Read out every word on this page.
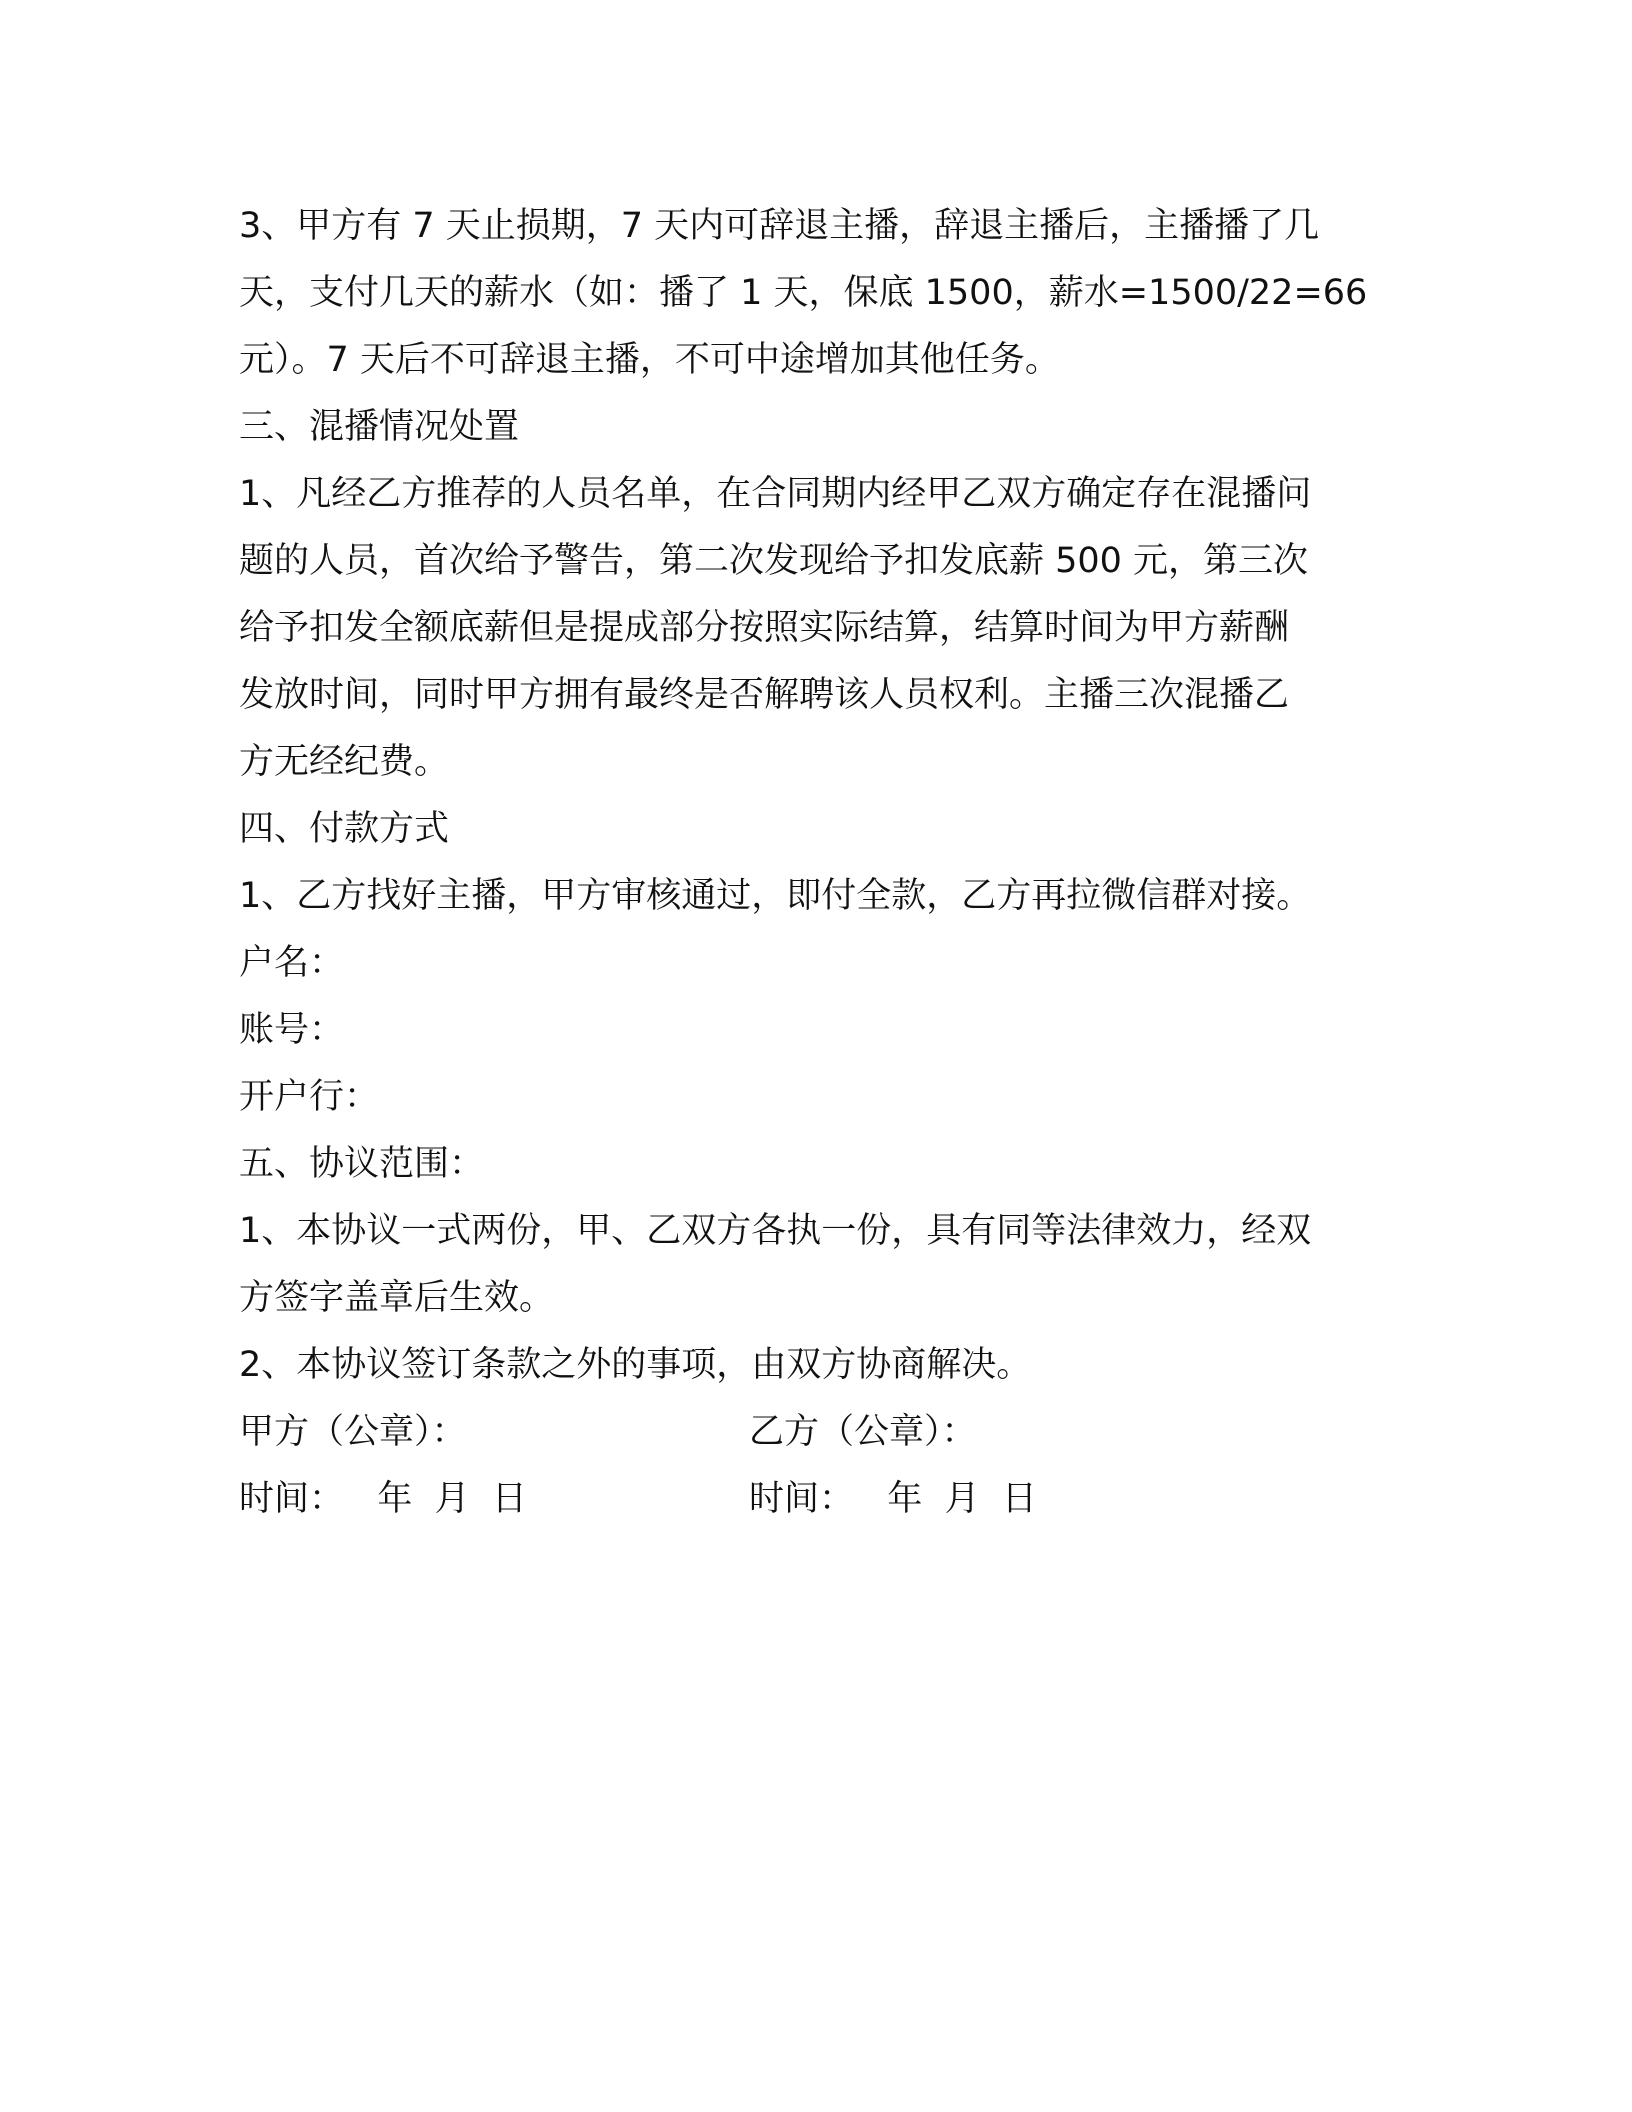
3、甲方有 7 天止损期，7 天内可辞退主播，辞退主播后，主播播了几

天，支付几天的薪水（如：播了 1 天，保底 1500，薪水=1500/22=66

元）。7 天后不可辞退主播，不可中途增加其他任务。

三、混播情况处置

1、凡经乙方推荐的人员名单，在合同期内经甲乙双方确定存在混播问

题的人员，首次给予警告，第二次发现给予扣发底薪 500 元，第三次

给予扣发全额底薪但是提成部分按照实际结算，结算时间为甲方薪酬

发放时间，同时甲方拥有最终是否解聘该人员权利。主播三次混播乙

方无经纪费。

四、付款方式

1、乙方找好主播，甲方审核通过，即付全款，乙方再拉微信群对接。

户名：

账号：

开户行：

五、协议范围：

1、本协议一式两份，甲、乙双方各执一份，具有同等法律效力，经双

方签字盖章后生效。

2、本协议签订条款之外的事项，由双方协商解决。

甲方（公章）：	乙方（公章）：
时间：   年  月  日	时间：   年  月  日
